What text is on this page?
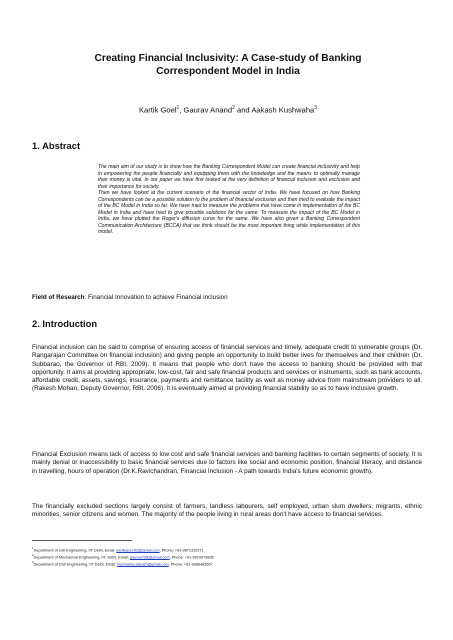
Creating Financial Inclusivity: A Case-study of Banking Correspondent Model in India
Kartik Goel$^1$, Gaurav Anand$^2$ and Aakash Kushwaha$^3$
1. Abstract

The main aim of our study is to show how the Banking Correspondent Model can create financial inclusivity and help in empowering the people financially and equipping them with the knowledge and the means to optimally manage their money is vital. In our paper we have first looked at the very definition of financial inclusion and exclusion and their importance for society.

Then we have looked at the current scenario of the financial sector of India. We have focused on how Banking Correspondents can be a possible solution to the problem of financial exclusion and then tried to evaluate the impact of the BC Model in India so far. We have tried to measure the problems that have come in implementation of the BC Model in India and have tried to give possible solutions for the same. To measure the impact of the BC Model in India, we have plotted the Roger's diffusion curve for the same. We have also given a Banking Correspondent Communication Architecture (BCCA) that we think should be the most important thing while implementation of this model.

Field of Research: Financial Innovation to achieve Financial inclusion
2. Introduction
Financial inclusion can be said to comprise of ensuring access of financial services and timely, adequate credit to vulnerable groups (Dr. Rangarajan Committee on financial inclusion) and giving people an opportunity to build better lives for themselves and their children (Dr. Subbarao, the Governor of RBI, 2009). It means that people who don't have the access to banking should be provided with that opportunity. It aims at providing appropriate, low-cost, fair and safe financial products and services or instruments, such as bank accounts, affordable credit, assets, savings, insurance, payments and remittance facility as well as money advice from mainstream providers to all. (Rakesh Mohan, Deputy Governor, RBI, 2006). It is eventually aimed at providing financial stability so as to have inclusive growth.
Financial Exclusion means lack of access to low cost and safe financial services and banking facilities to certain segments of society. It is mainly denial or inaccessibility to basic financial services due to factors like social and economic position, financial literacy, and distance in travelling, hours of operation (Dr.K.Ravichandran, Financial Inclusion - A path towards India's future economic growth).
The financially excluded sections largely consist of farmers, landless labourers, self employed, urban slum dwellers, migrants, ethnic minorities, senior citizens and women. The majority of the people living in rural areas don't have access to financial services.
$^1$Department of civil Engineering, IIT Delhi, Email: kartikgoel.iitd@gmail.com, Phone: +91-9871310271
$^2$Department of Mechanical Engineering, IIT, Delhi, Email: gaurav29iit@gmail.com, Phone: +91-9910679835
$^3$Department of Civil Engineering, IIT Delhi, Email: kushwaha.aakash@gmail.com, Phone: +91-9986483607
